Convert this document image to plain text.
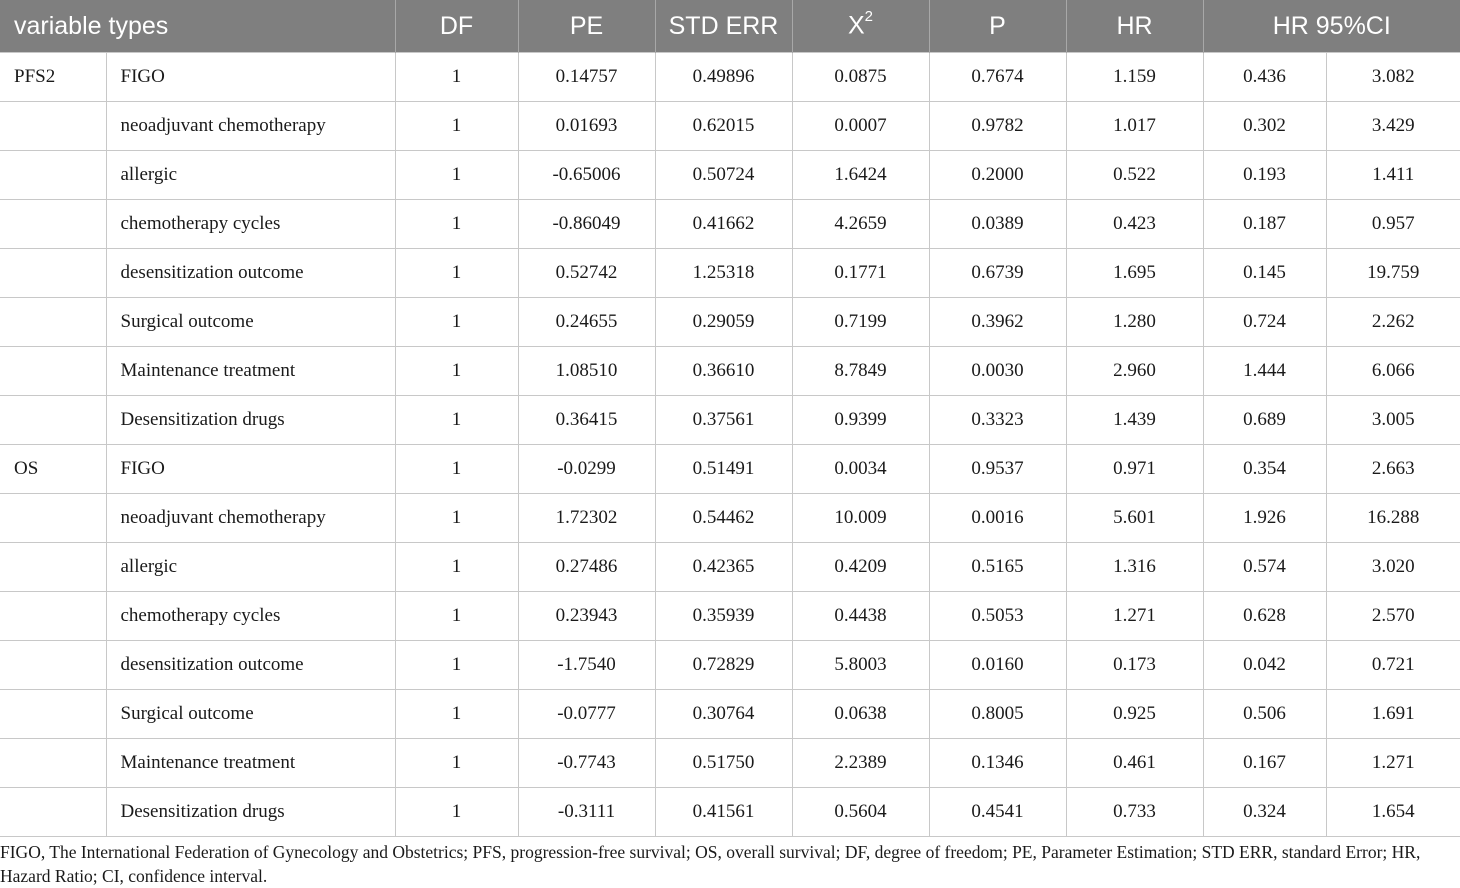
variable types		DF	PE	STD ERR	$X^2$	P	HR	HR 95%CI	
PFS2	FIGO	1	0.14757	0.49896	0.0875	0.7674	1.159	0.436	3.082
	neoadjuvant chemotherapy	1	0.01693	0.62015	0.0007	0.9782	1.017	0.302	3.429
	allergic	1	-0.65006	0.50724	1.6424	0.2000	0.522	0.193	1.411
	chemotherapy cycles	1	-0.86049	0.41662	4.2659	0.0389	0.423	0.187	0.957
	desensitization outcome	1	0.52742	1.25318	0.1771	0.6739	1.695	0.145	19.759
	Surgical outcome	1	0.24655	0.29059	0.7199	0.3962	1.280	0.724	2.262
	Maintenance treatment	1	1.08510	0.36610	8.7849	0.0030	2.960	1.444	6.066
	Desensitization drugs	1	0.36415	0.37561	0.9399	0.3323	1.439	0.689	3.005
OS	FIGO	1	-0.0299	0.51491	0.0034	0.9537	0.971	0.354	2.663
	neoadjuvant chemotherapy	1	1.72302	0.54462	10.009	0.0016	5.601	1.926	16.288
	allergic	1	0.27486	0.42365	0.4209	0.5165	1.316	0.574	3.020
	chemotherapy cycles	1	0.23943	0.35939	0.4438	0.5053	1.271	0.628	2.570
	desensitization outcome	1	-1.7540	0.72829	5.8003	0.0160	0.173	0.042	0.721
	Surgical outcome	1	-0.0777	0.30764	0.0638	0.8005	0.925	0.506	1.691
	Maintenance treatment	1	-0.7743	0.51750	2.2389	0.1346	0.461	0.167	1.271
	Desensitization drugs	1	-0.3111	0.41561	0.5604	0.4541	0.733	0.324	1.654

FIGO, The International Federation of Gynecology and Obstetrics; PFS, progression-free survival; OS, overall survival; DF, degree of freedom; PE, Parameter Estimation; STD ERR, standard Error; HR, Hazard Ratio; CI, confidence interval.
